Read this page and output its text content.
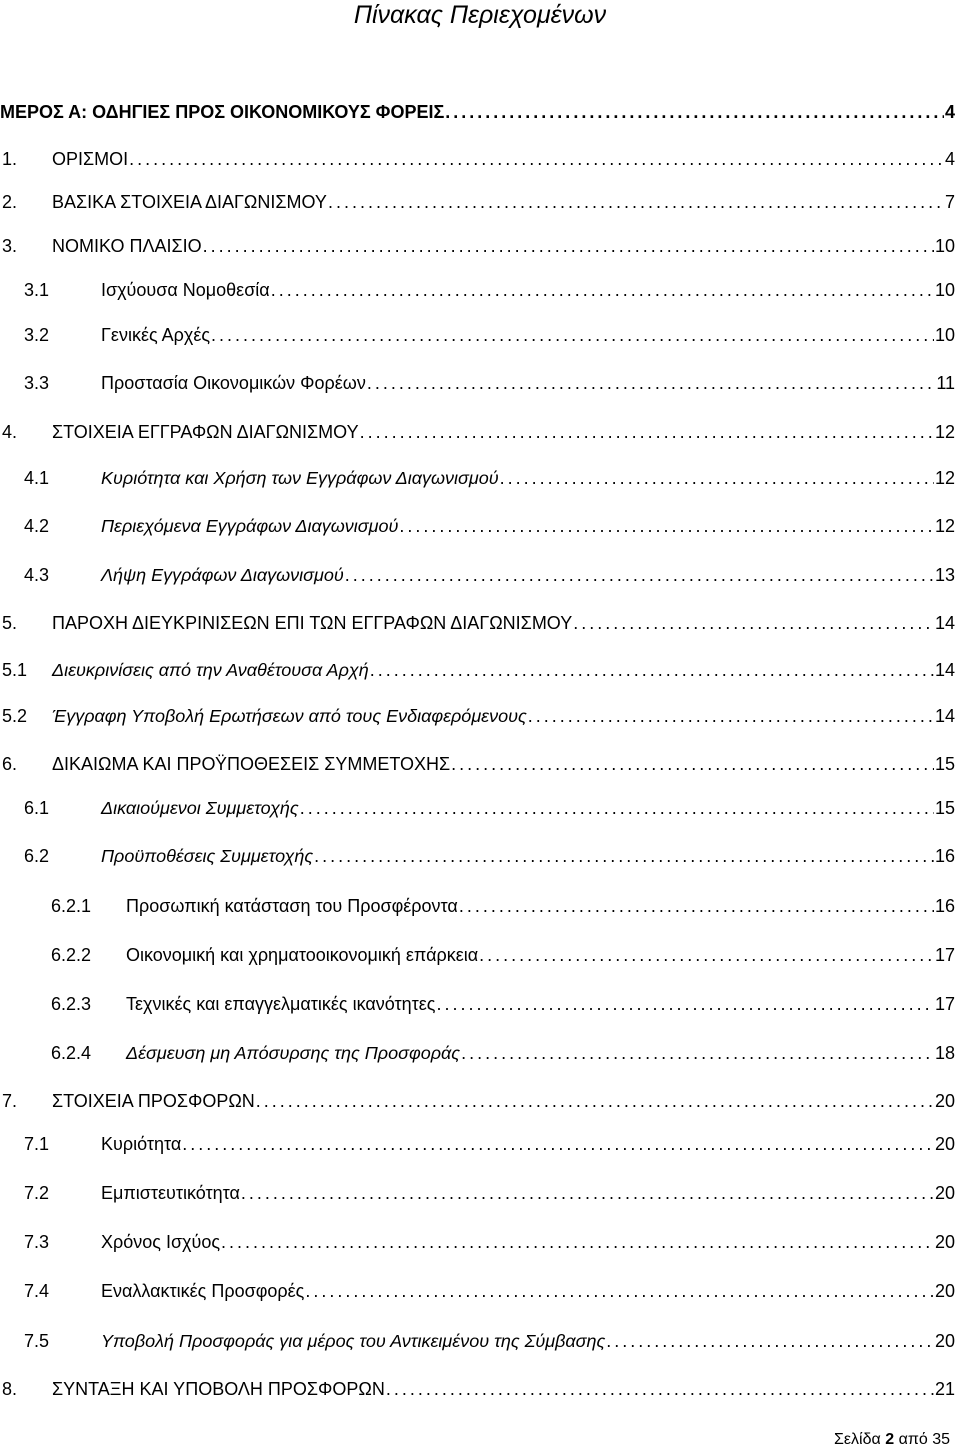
Πίνακας Περιεχομένων
ΜΕΡΟΣ Α: ΟΔΗΓΙΕΣ ΠΡΟΣ ΟΙΚΟΝΟΜΙΚΟΥΣ ΦΟΡΕΙΣ . . .	4
1. ΟΡΙΣΜΟΙ . . .	4
2. ΒΑΣΙΚΑ ΣΤΟΙΧΕΙΑ ΔΙΑΓΩΝΙΣΜΟΥ . . .	7
3. ΝΟΜΙΚΟ ΠΛΑΙΣΙΟ . . .	10
3.1	Ισχύουσα Νομοθεσία . . .	10
3.2	Γενικές Αρχές . . .	10
3.3	Προστασία Οικονομικών Φορέων . . .	11
4. ΣΤΟΙΧΕΙΑ ΕΓΓΡΑΦΩΝ ΔΙΑΓΩΝΙΣΜΟΥ . . .	12
4.1	Κυριότητα και Χρήση των Εγγράφων Διαγωνισμού . . .	12
4.2	Περιεχόμενα Εγγράφων Διαγωνισμού . . .	12
4.3	Λήψη Εγγράφων Διαγωνισμού . . .	13
5. ΠΑΡΟΧΗ ΔΙΕΥΚΡΙΝΙΣΕΩΝ ΕΠΙ ΤΩΝ ΕΓΓΡΑΦΩΝ ΔΙΑΓΩΝΙΣΜΟΥ . . .	14
5.1 Διευκρινίσεις από την Αναθέτουσα Αρχή . . .	14
5.2 Έγγραφη Υποβολή Ερωτήσεων από τους Ενδιαφερόμενους . . .	14
6. ΔΙΚΑΙΩΜΑ ΚΑΙ ΠΡΟΫΠΟΘΕΣΕΙΣ ΣΥΜΜΕΤΟΧΗΣ . . .	15
6.1	Δικαιούμενοι Συμμετοχής . . .	15
6.2	Προϋποθέσεις Συμμετοχής . . .	16
6.2.1 Προσωπική κατάσταση του Προσφέροντα . . .	16
6.2.2 Οικονομική και χρηματοοικονομική επάρκεια . . .	17
6.2.3 Τεχνικές και επαγγελματικές ικανότητες . . .	17
6.2.4 Δέσμευση μη Απόσυρσης της Προσφοράς . . .	18
7. ΣΤΟΙΧΕΙΑ ΠΡΟΣΦΟΡΩΝ . . .	20
7.1	Κυριότητα . . .	20
7.2	Εμπιστευτικότητα . . .	20
7.3	Χρόνος Ισχύος . . .	20
7.4	Εναλλακτικές Προσφορές . . .	20
7.5	Υποβολή Προσφοράς για μέρος του Αντικειμένου της Σύμβασης . . .	20
8. ΣΥΝΤΑΞΗ ΚΑΙ ΥΠΟΒΟΛΗ ΠΡΟΣΦΟΡΩΝ . . .	21
Σελίδα 2 από 35
